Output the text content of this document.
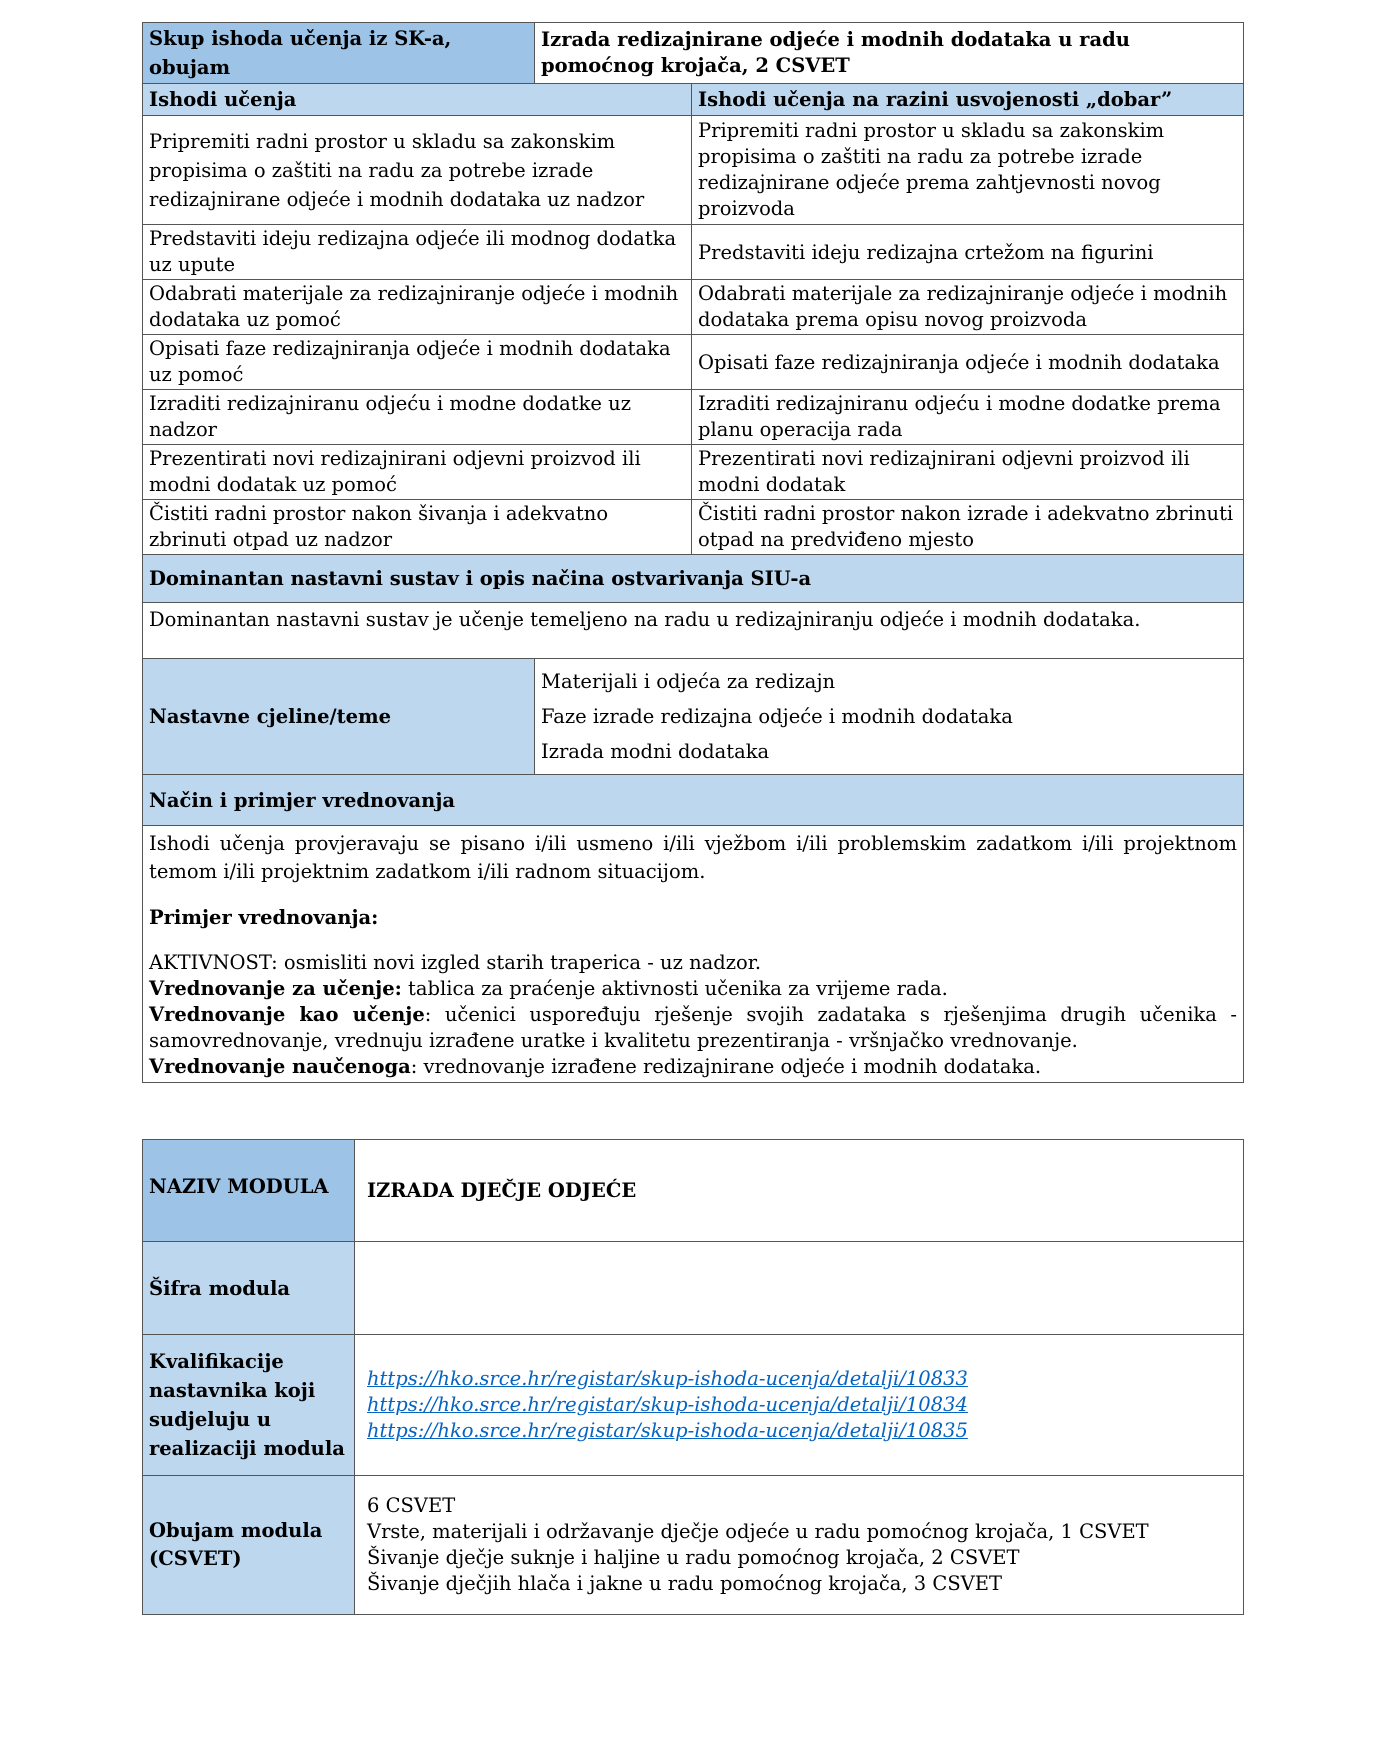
Skup ishoda učenja iz SK-a, obujam	Izrada redizajnirane odjeće i modnih dodataka u radu pomoćnog krojača, 2 CSVET	
Ishodi učenja		Ishodi učenja na razini usvojenosti „dobar”
Pripremiti radni prostor u skladu sa zakonskim propisima o zaštiti na radu za potrebe izrade redizajnirane odjeće i modnih dodataka uz nadzor		Pripremiti radni prostor u skladu sa zakonskim propisima o zaštiti na radu za potrebe izrade redizajnirane odjeće prema zahtjevnosti novog proizvoda
Predstaviti ideju redizajna odjeće ili modnog dodatka uz upute		Predstaviti ideju redizajna crtežom na figurini
Odabrati materijale za redizajniranje odjeće i modnih dodataka uz pomoć		Odabrati materijale za redizajniranje odjeće i modnih dodataka prema opisu novog proizvoda
Opisati faze redizajniranja odjeće i modnih dodataka uz pomoć		Opisati faze redizajniranja odjeće i modnih dodataka
Izraditi redizajniranu odjeću i modne dodatke uz nadzor		Izraditi redizajniranu odjeću i modne dodatke prema planu operacija rada
Prezentirati novi redizajnirani odjevni proizvod ili modni dodatak uz pomoć		Prezentirati novi redizajnirani odjevni proizvod ili modni dodatak
Čistiti radni prostor nakon šivanja i adekvatno zbrinuti otpad uz nadzor		Čistiti radni prostor nakon izrade i adekvatno zbrinuti otpad na predviđeno mjesto
Dominantan nastavni sustav i opis načina ostvarivanja SIU-a		
Dominantan nastavni sustav je učenje temeljeno na radu u redizajniranju odjeće i modnih dodataka.		
Nastavne cjeline/teme	Materijali i odjeća za redizajn
Faze izrade redizajna odjeće i modnih dodataka
Izrada modni dodataka	

Način i primjer vrednovanja		

Ishodi učenja provjeravaju se pisano i/ili usmeno i/ili vježbom i/ili problemskim zadatkom i/ili projektnom temom i/ili projektnim zadatkom i/ili radnom situacijom.

Primjer vrednovanja:

AKTIVNOST: osmisliti novi izgled starih traperica - uz nadzor.

Vrednovanje za učenje: tablica za praćenje aktivnosti učenika za vrijeme rada.

Vrednovanje kao učenje: učenici uspoređuju rješenje svojih zadataka s rješenjima drugih učenika - samovrednovanje, vrednuju izrađene uratke i kvalitetu prezentiranja - vršnjačko vrednovanje.

Vrednovanje naučenoga: vrednovanje izrađene redizajnirane odjeće i modnih dodataka.

NAZIV MODULA	IZRADA DJEČJE ODJEĆE
Šifra modula	
Kvalifikacije nastavnika koji sudjeluju u realizaciji modula	https://hko.srce.hr/registar/skup-ishoda-ucenja/detalji/10833
https://hko.srce.hr/registar/skup-ishoda-ucenja/detalji/10834
https://hko.srce.hr/registar/skup-ishoda-ucenja/detalji/10835

Obujam modula (CSVET)	6 CSVET
Vrste, materijali i održavanje dječje odjeće u radu pomoćnog krojača, 1 CSVET
Šivanje dječje suknje i haljine u radu pomoćnog krojača, 2 CSVET
Šivanje dječjih hlača i jakne u radu pomoćnog krojača, 3 CSVET
